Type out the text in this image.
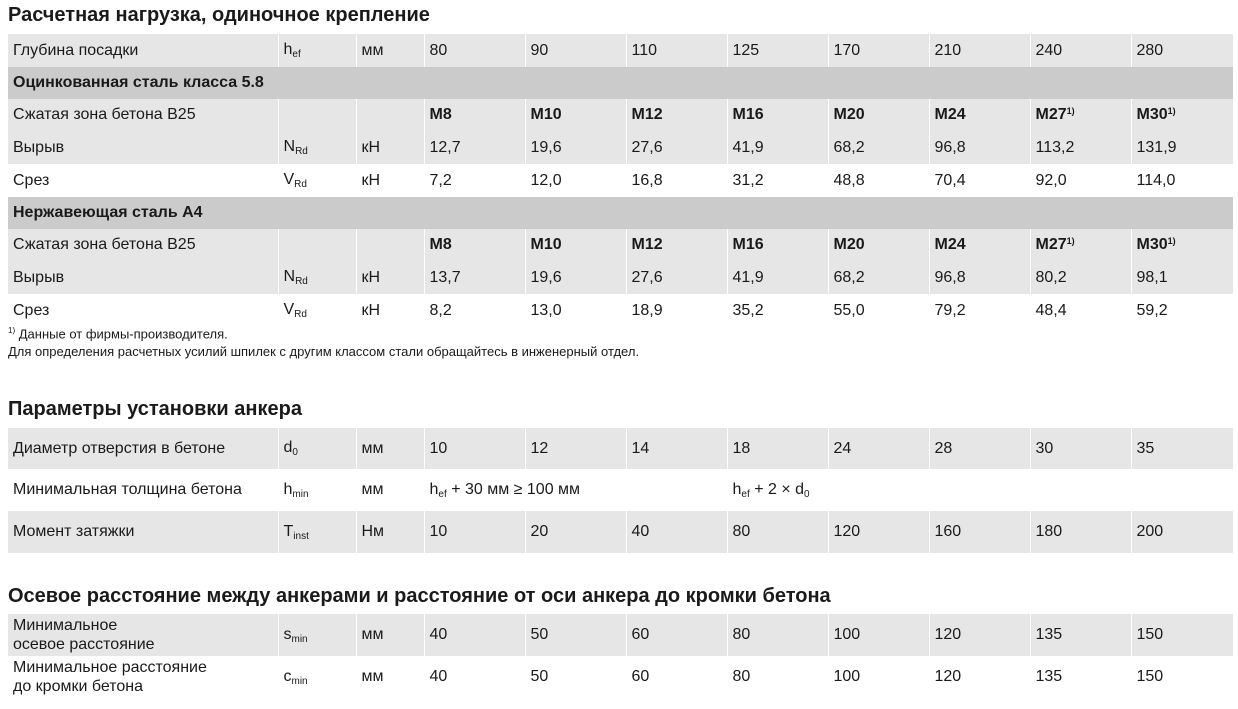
Расчетная нагрузка, одиночное крепление
Глубина посадки	$h_{ef}$	мм	80	90	110	125	170	210	240	280
Оцинкованная сталь класса 5.8										
Сжатая зона бетона В25			M8	M10	M12	M16	M20	M24	M27$^{1)}$	M30$^{1)}$
Вырыв	$N_{Rd}$	кН	12,7	19,6	27,6	41,9	68,2	96,8	113,2	131,9
Срез	$V_{Rd}$	кН	7,2	12,0	16,8	31,2	48,8	70,4	92,0	114,0
Нержавеющая сталь A4										
Сжатая зона бетона В25			M8	M10	M12	M16	M20	M24	M27$^{1)}$	M30$^{1)}$
Вырыв	$N_{Rd}$	кН	13,7	19,6	27,6	41,9	68,2	96,8	80,2	98,1
Срез	$V_{Rd}$	кН	8,2	13,0	18,9	35,2	55,0	79,2	48,4	59,2
$^{1)}$ Данные от фирмы-производителя.
Для определения расчетных усилий шпилек с другим классом стали обращайтесь в инженерный отдел.
Параметры установки анкера
Диаметр отверстия в бетоне	$d_0$	мм	10	12	14	18	24	28	30	35
Минимальная толщина бетона	$h_{min}$	мм	$h_{ef} + 30$ мм ≥ 100 мм			$h_{ef} + 2 \times d_0$
Момент затяжки	$T_{inst}$	Нм	10	20	40	80	120	160	180	200
Осевое расстояние между анкерами и расстояние от оси анкера до кромки бетона
Минимальное
осевое расстояние	$s_{min}$	мм	40	50	60	80	100	120	135	150

Минимальное расстояние
до кромки бетона	$c_{min}$	мм	40	50	60	80	100	120	135	150
